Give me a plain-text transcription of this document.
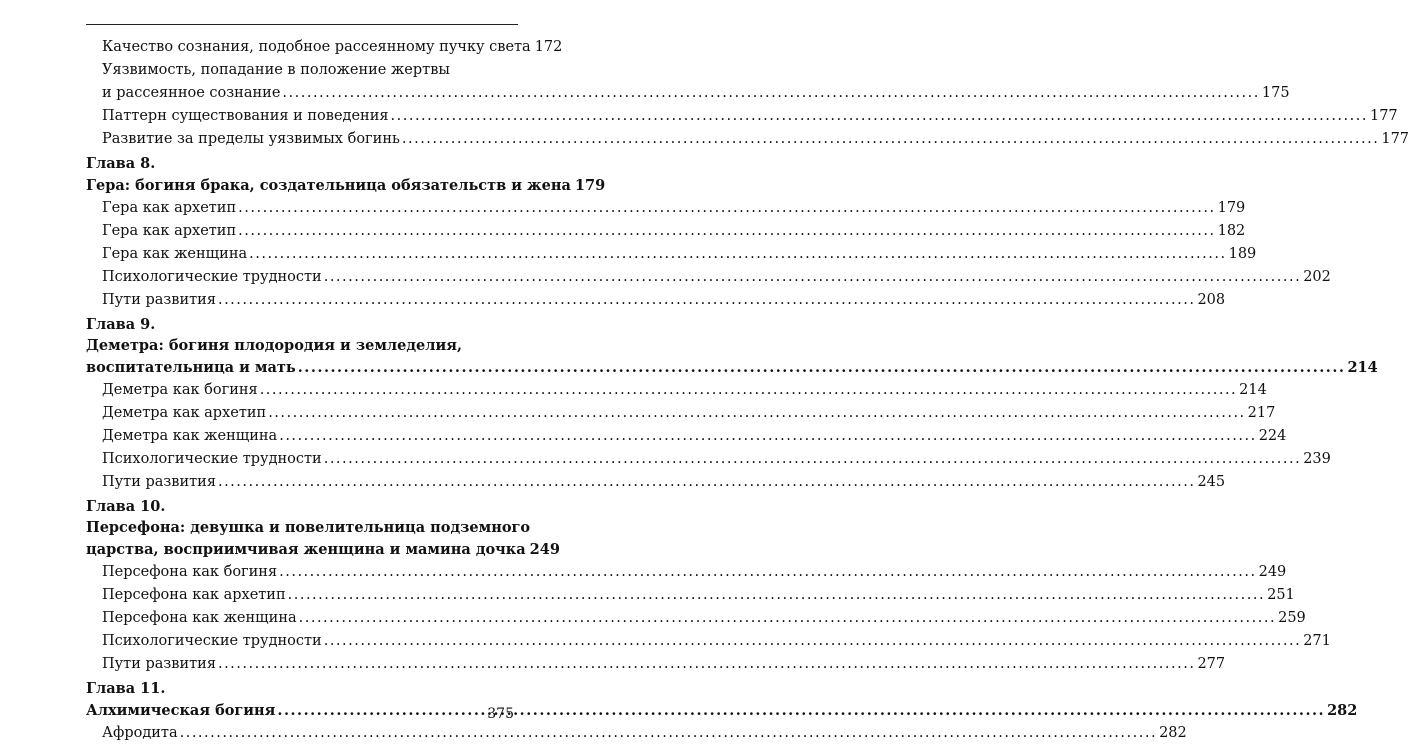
Качество сознания, подобное рассеянному пучку света 172
Уязвимость, попадание в положение жертвы
и рассеянное сознание .....	175
Паттерн существования и поведения .....	177
Развитие за пределы уязвимых богинь .....	177
Глава 8.
Гера: богиня брака, создательница обязательств и жена 179
Гера как архетип .....	179
Гера как архетип .....	182
Гера как женщина .....	189
Психологические трудности .....	202
Пути развития .....	208
Глава 9.
Деметра: богиня плодородия и земледелия,
воспитательница и мать .....	214
Деметра как богиня .....	214
Деметра как архетип .....	217
Деметра как женщина .....	224
Психологические трудности .....	239
Пути развития .....	245
Глава 10.
Персефона: девушка и повелительница подземного
царства, восприимчивая женщина и мамина дочка 249
Персефона как богиня .....	249
Персефона как архетип .....	251
Персефона как женщина .....	259
Психологические трудности .....	271
Пути развития .....	277
Глава 11.
Алхимическая богиня .....	282
Афродита .....	282
375
